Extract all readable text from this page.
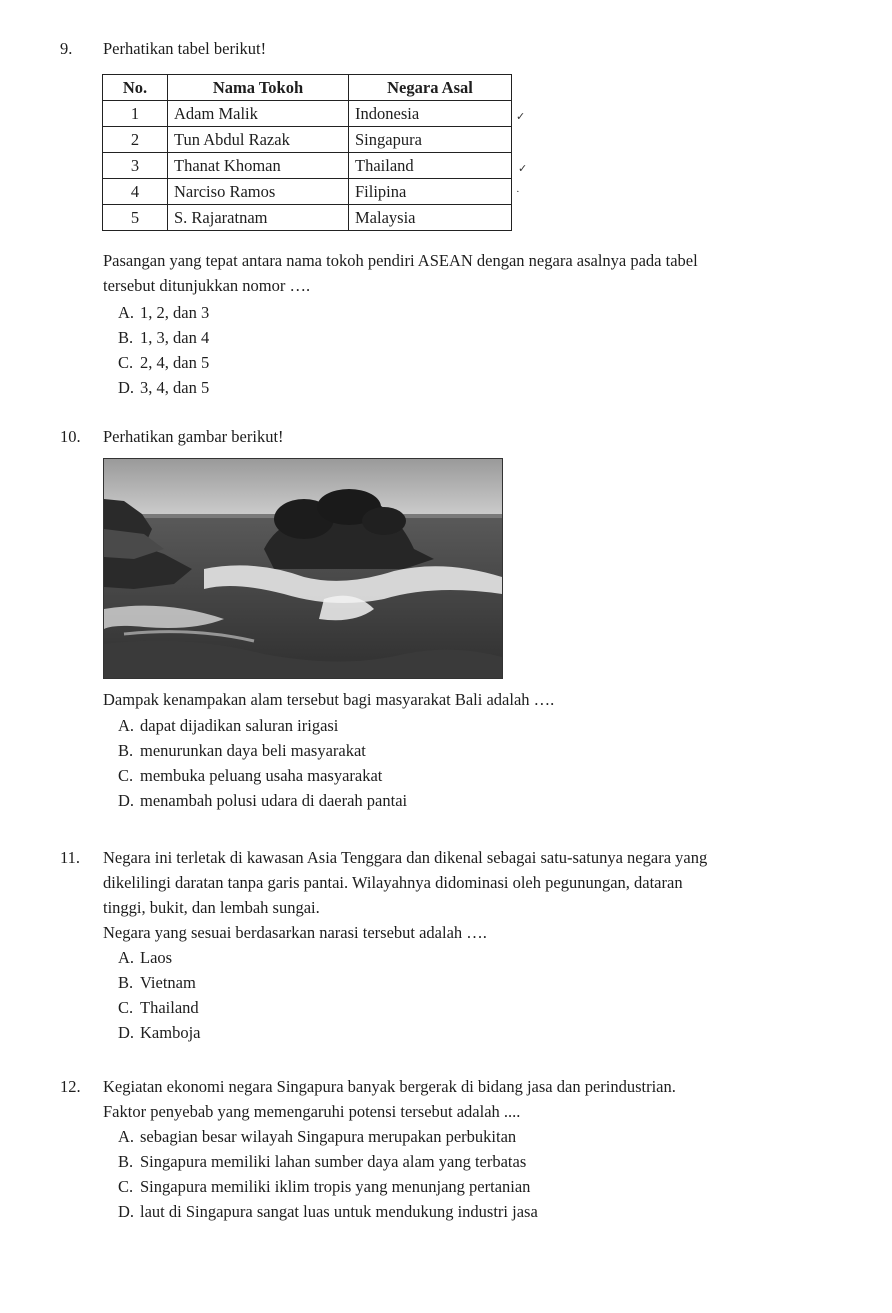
9.	Perhatikan tabel berikut!
No.	Nama Tokoh	Negara Asal
1	Adam Malik	Indonesia
2	Tun Abdul Razak	Singapura
3	Thanat Khoman	Thailand
4	Narciso Ramos	Filipina
5	S. Rajaratnam	Malaysia
✓
✓
·
Pasangan yang tepat antara nama tokoh pendiri ASEAN dengan negara asalnya pada tabel
tersebut ditunjukkan nomor ….
A. 1, 2, dan 3
B. 1, 3, dan 4
C. 2, 4, dan 5
D. 3, 4, dan 5
10.	Perhatikan gambar berikut!
Dampak kenampakan alam tersebut bagi masyarakat Bali adalah ….
A. dapat dijadikan saluran irigasi
B. menurunkan daya beli masyarakat
C. membuka peluang usaha masyarakat
D. menambah polusi udara di daerah pantai
11.	Negara ini terletak di kawasan Asia Tenggara dan dikenal sebagai satu-satunya negara yang
dikelilingi daratan tanpa garis pantai. Wilayahnya didominasi oleh pegunungan, dataran
tinggi, bukit, dan lembah sungai.
Negara yang sesuai berdasarkan narasi tersebut adalah ….
A. Laos
B. Vietnam
C. Thailand
D. Kamboja
12.	Kegiatan ekonomi negara Singapura banyak bergerak di bidang jasa dan perindustrian.
Faktor penyebab yang memengaruhi potensi tersebut adalah ....
A. sebagian besar wilayah Singapura merupakan perbukitan
B. Singapura memiliki lahan sumber daya alam yang terbatas
C. Singapura memiliki iklim tropis yang menunjang pertanian
D. laut di Singapura sangat luas untuk mendukung industri jasa
